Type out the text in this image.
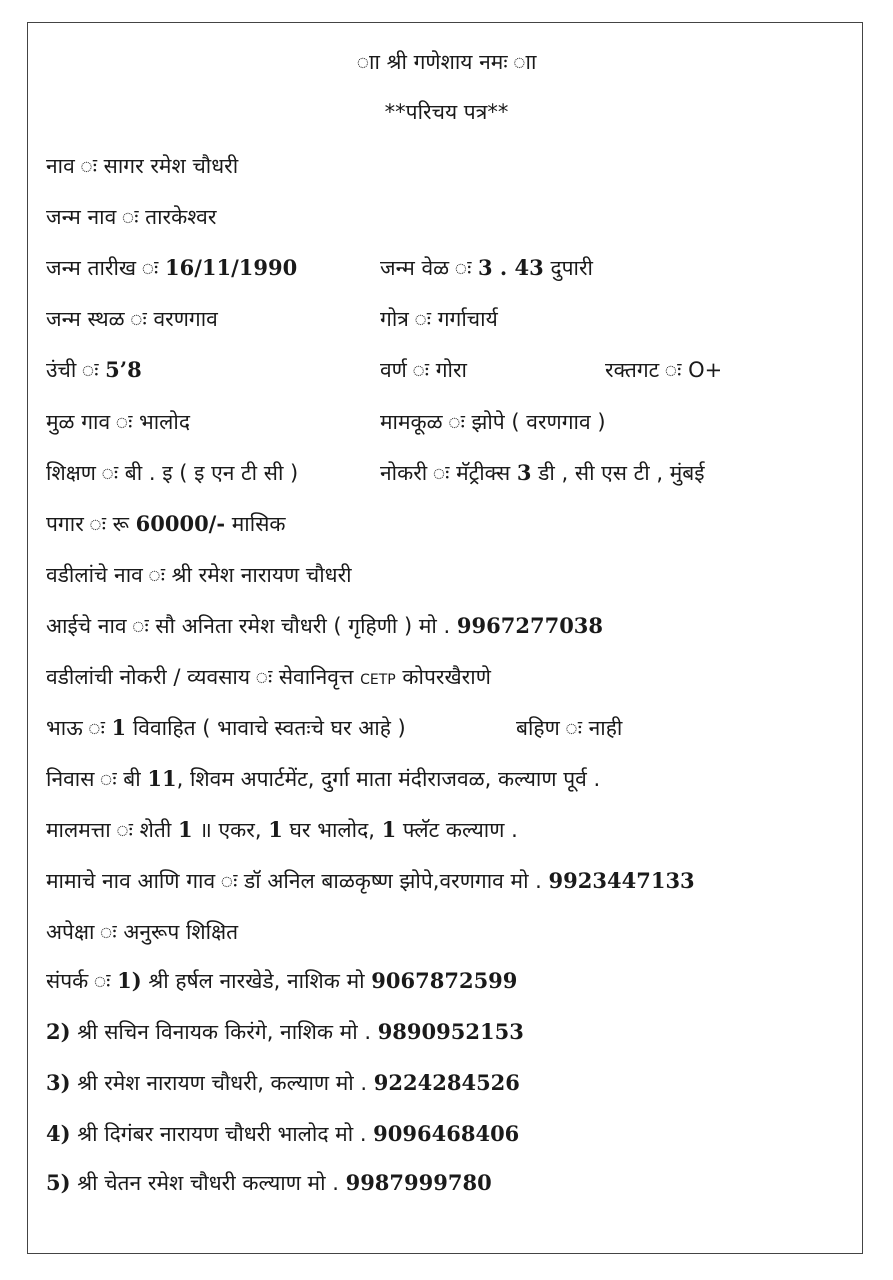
ाा श्री गणेशाय नमः ाा
**परिचय पत्र**
नाव ः सागर रमेश चौधरी
जन्म नाव ः तारकेश्वर
जन्म तारीख ः 16/11/1990	जन्म वेळ ः 3 . 43 दुपारी
जन्म स्थळ ः वरणगाव	गोत्र ः गर्गाचार्य
उंची ः 5’8	वर्ण ः गोरा	रक्तगट ः O+
मुळ गाव ः भालोद	मामकूळ ः झोपे ( वरणगाव )
शिक्षण ः बी . इ ( इ एन टी सी )	नोकरी ः मॅट्रीक्स 3 डी , सी एस टी , मुंबई
पगार ः रू 60000/- मासिक
वडीलांचे नाव ः श्री रमेश नारायण चौधरी
आईचे नाव ः सौ अनिता रमेश चौधरी ( गृहिणी ) मो . 9967277038
वडीलांची नोकरी / व्यवसाय ः सेवानिवृत्त CETP कोपरखैराणे
भाऊ ः 1 विवाहित ( भावाचे स्वतःचे घर आहे )	बहिण ः नाही
निवास ः बी 11, शिवम अपार्टमेंट, दुर्गा माता मंदीराजवळ, कल्याण पूर्व .
मालमत्ता ः शेती 1 ॥ एकर, 1 घर भालोद, 1 फ्लॅट कल्याण .
मामाचे नाव आणि गाव ः डॉ अनिल बाळकृष्ण झोपे,वरणगाव मो . 9923447133
अपेक्षा ः अनुरूप शिक्षित
संपर्क ः 1) श्री हर्षल नारखेडे, नाशिक मो 9067872599
2) श्री सचिन विनायक किरंगे, नाशिक मो . 9890952153
3) श्री रमेश नारायण चौधरी, कल्याण मो . 9224284526
4) श्री दिगंबर नारायण चौधरी भालोद मो . 9096468406
5) श्री चेतन रमेश चौधरी कल्याण मो . 9987999780
